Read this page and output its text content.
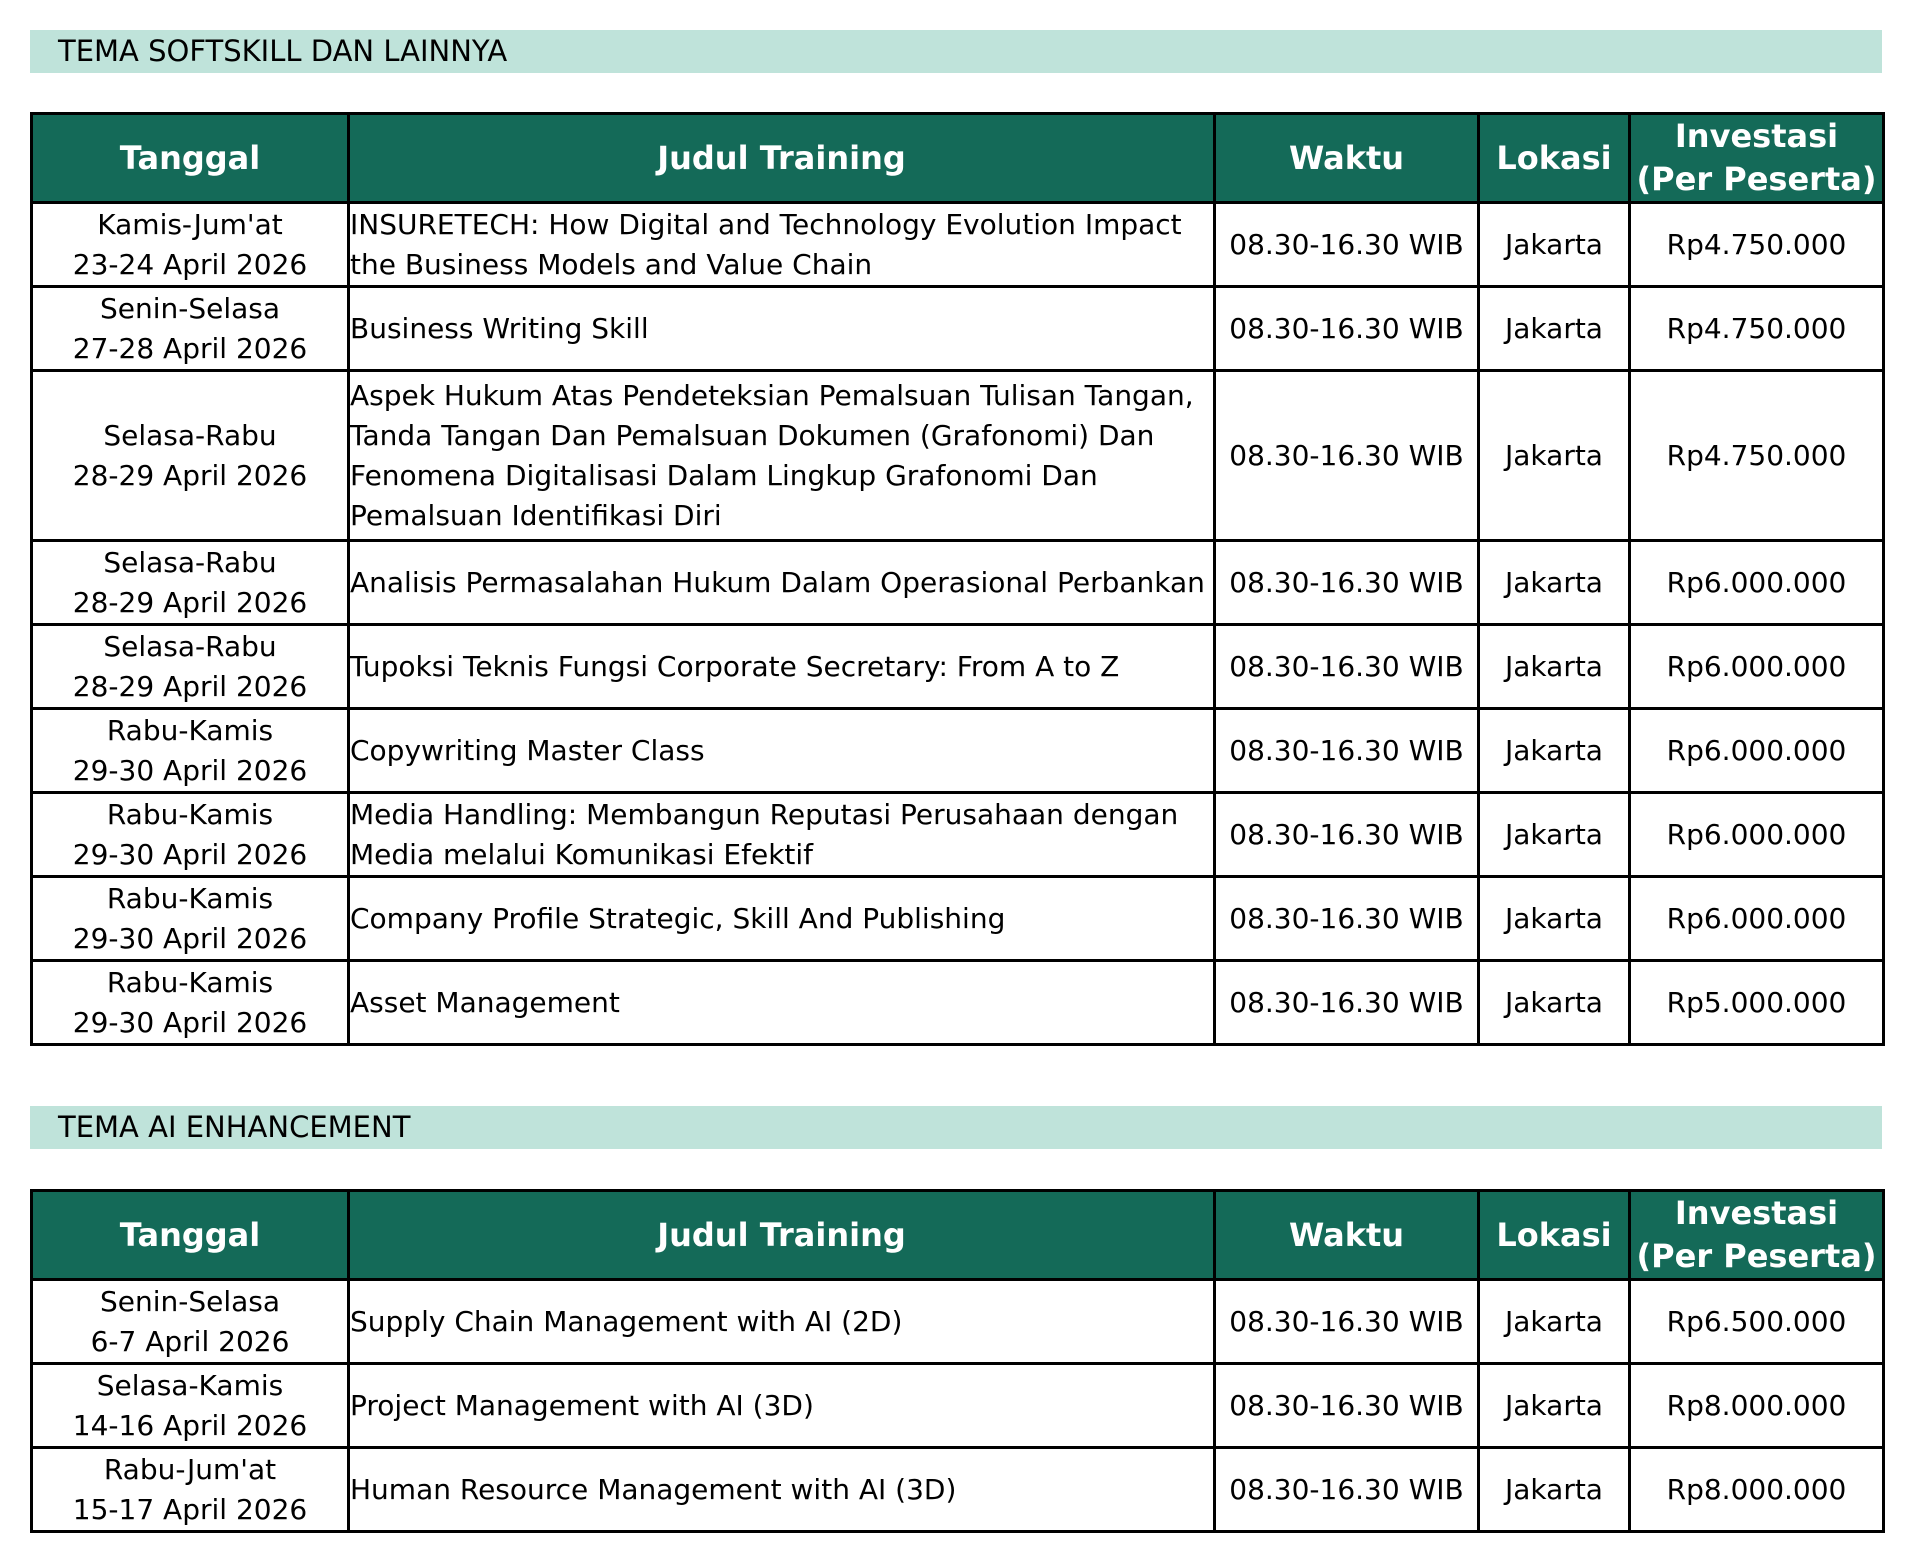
TEMA SOFTSKILL DAN LAINNYA
Tanggal	Judul Training	Waktu	Lokasi	Investasi
(Per Peserta)
Kamis-Jum'at
23-24 April 2026	INSURETECH: How Digital and Technology Evolution Impact the Business Models and Value Chain	08.30-16.30 WIB	Jakarta	Rp4.750.000
Senin-Selasa
27-28 April 2026	Business Writing Skill	08.30-16.30 WIB	Jakarta	Rp4.750.000
Selasa-Rabu
28-29 April 2026	Aspek Hukum Atas Pendeteksian Pemalsuan Tulisan Tangan, Tanda Tangan Dan Pemalsuan Dokumen (Grafonomi) Dan Fenomena Digitalisasi Dalam Lingkup Grafonomi Dan Pemalsuan Identifikasi Diri	08.30-16.30 WIB	Jakarta	Rp4.750.000
Selasa-Rabu
28-29 April 2026	Analisis Permasalahan Hukum Dalam Operasional Perbankan	08.30-16.30 WIB	Jakarta	Rp6.000.000
Selasa-Rabu
28-29 April 2026	Tupoksi Teknis Fungsi Corporate Secretary: From A to Z	08.30-16.30 WIB	Jakarta	Rp6.000.000
Rabu-Kamis
29-30 April 2026	Copywriting Master Class	08.30-16.30 WIB	Jakarta	Rp6.000.000
Rabu-Kamis
29-30 April 2026	Media Handling: Membangun Reputasi Perusahaan dengan Media melalui Komunikasi Efektif	08.30-16.30 WIB	Jakarta	Rp6.000.000
Rabu-Kamis
29-30 April 2026	Company Profile Strategic, Skill And Publishing	08.30-16.30 WIB	Jakarta	Rp6.000.000
Rabu-Kamis
29-30 April 2026	Asset Management	08.30-16.30 WIB	Jakarta	Rp5.000.000
TEMA AI ENHANCEMENT
Tanggal	Judul Training	Waktu	Lokasi	Investasi
(Per Peserta)
Senin-Selasa
6-7 April 2026	Supply Chain Management with AI (2D)	08.30-16.30 WIB	Jakarta	Rp6.500.000
Selasa-Kamis
14-16 April 2026	Project Management with AI (3D)	08.30-16.30 WIB	Jakarta	Rp8.000.000
Rabu-Jum'at
15-17 April 2026	Human Resource Management with AI (3D)	08.30-16.30 WIB	Jakarta	Rp8.000.000
